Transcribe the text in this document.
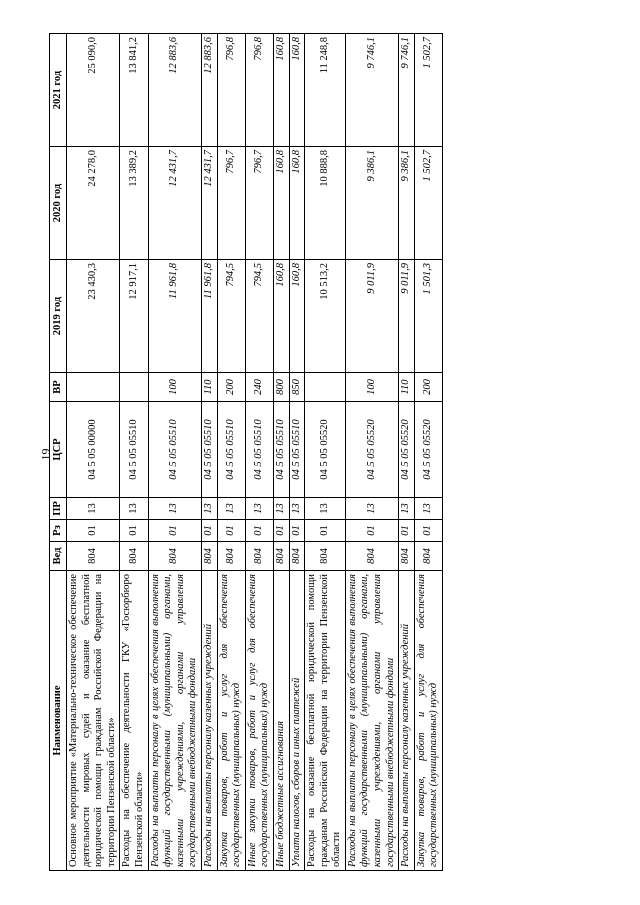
19
Наименование	Вед	Рз	ПР	ЦСР	ВР	2019 год	2020 год	2021 год
Основное мероприятие «Материально-техническое обеспечение деятельности мировых судей и оказание бесплатной юридической помощи гражданам Российской Федерации на территории Пензенской области»	804	01	13	04 5 05 00000		23 430,3	24 278,0	25 090,0
Расходы на обеспечение деятельности ГКУ «Госюрбюро Пензенской области»	804	01	13	04 5 05 05510		12 917,1	13 389,2	13 841,2
Расходы на выплаты персоналу в целях обеспечения выполнения функций государственными (муниципальными) органами, казенными учреждениями, органами управления государственными внебюджетными фондами	804	01	13	04 5 05 05510	100	11 961,8	12 431,7	12 883,6
Расходы на выплаты персоналу казенных учреждений	804	01	13	04 5 05 05510	110	11 961,8	12 431,7	12 883,6
Закупка товаров, работ и услуг для обеспечения государственных (муниципальных) нужд	804	01	13	04 5 05 05510	200	794,5	796,7	796,8
Иные закупки товаров, работ и услуг для обеспечения государственных (муниципальных) нужд	804	01	13	04 5 05 05510	240	794,5	796,7	796,8
Иные бюджетные ассигнования	804	01	13	04 5 05 05510	800	160,8	160,8	160,8
Уплата налогов, сборов и иных платежей	804	01	13	04 5 05 05510	850	160,8	160,8	160,8
Расходы на оказание бесплатной юридической помощи гражданам Российской Федерации на территории Пензенской области	804	01	13	04 5 05 05520		10 513,2	10 888,8	11 248,8
Расходы на выплаты персоналу в целях обеспечения выполнения функций государственными (муниципальными) органами, казенными учреждениями, органами управления государственными внебюджетными фондами	804	01	13	04 5 05 05520	100	9 011,9	9 386,1	9 746,1
Расходы на выплаты персоналу казенных учреждений	804	01	13	04 5 05 05520	110	9 011,9	9 386,1	9 746,1
Закупка товаров, работ и услуг для обеспечения государственных (муниципальных) нужд	804	01	13	04 5 05 05520	200	1 501,3	1 502,7	1 502,7
